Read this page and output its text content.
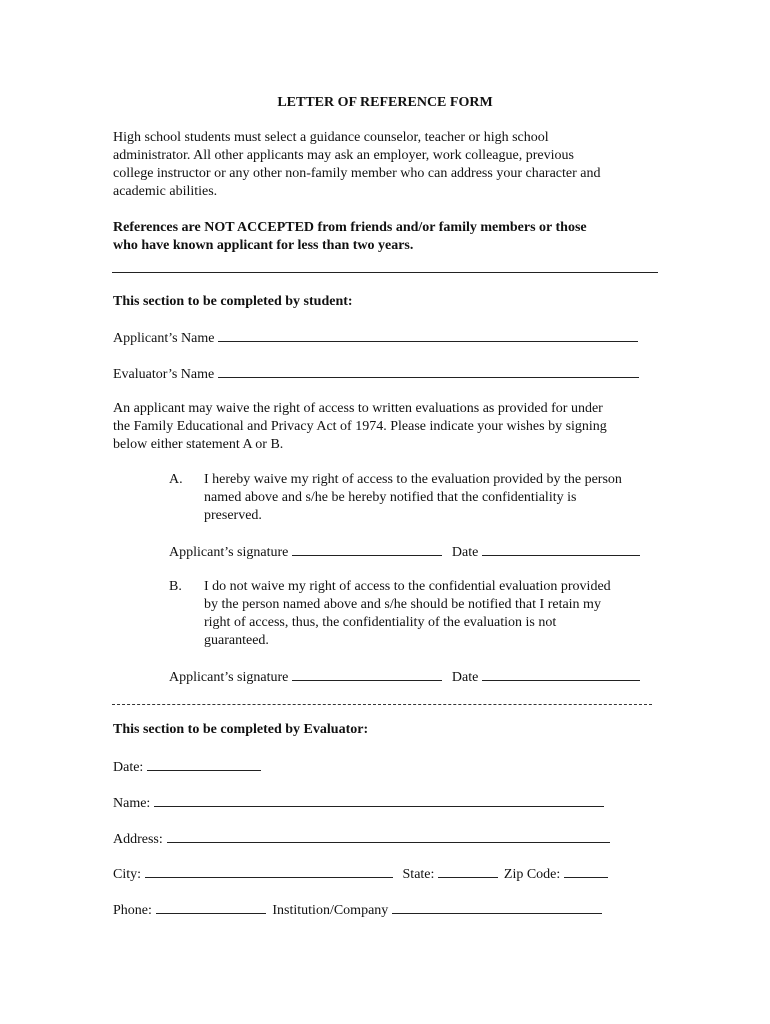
LETTER OF REFERENCE FORM
High school students must select a guidance counselor, teacher or high school
administrator. All other applicants may ask an employer, work colleague, previous
college instructor or any other non-family member who can address your character and
academic abilities.
References are NOT ACCEPTED from friends and/or family members or those
who have known applicant for less than two years.
This section to be completed by student:
Applicant’s Name
Evaluator’s Name
An applicant may waive the right of access to written evaluations as provided for under
the Family Educational and Privacy Act of 1974. Please indicate your wishes by signing
below either statement A or B.
A. I hereby waive my right of access to the evaluation provided by the person
named above and s/he be hereby notified that the confidentiality is
preserved.
Applicant’s signature	Date
B. I do not waive my right of access to the confidential evaluation provided
by the person named above and s/he should be notified that I retain my
right of access, thus, the confidentiality of the evaluation is not
guaranteed.
Applicant’s signature	Date
This section to be completed by Evaluator:
Date:
Name:
Address:
City:	State:	Zip Code:
Phone:	Institution/Company
